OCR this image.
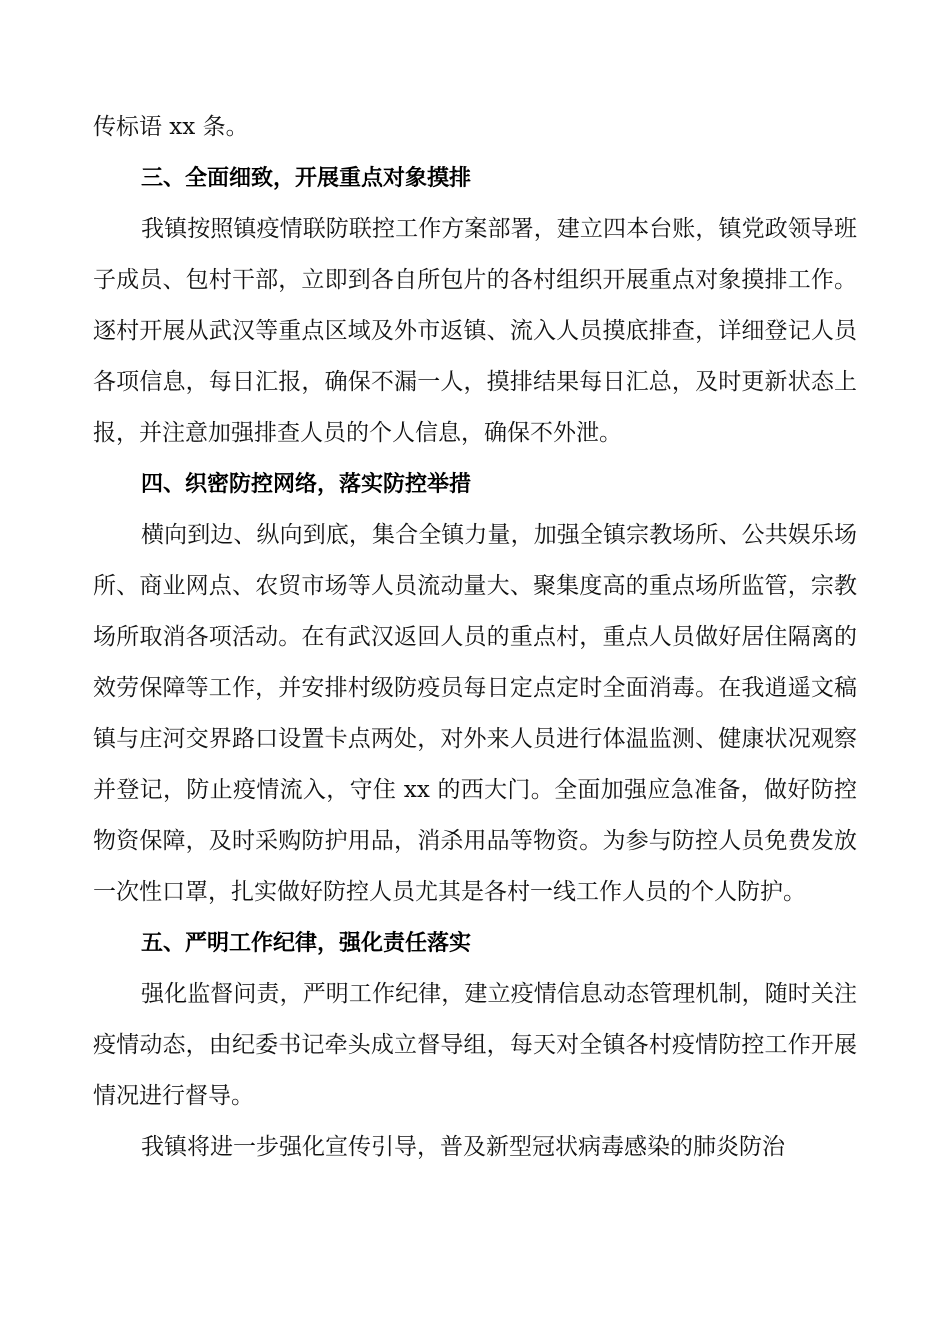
传标语 xx 条。

三、全面细致，开展重点对象摸排

我镇按照镇疫情联防联控工作方案部署，建立四本台账，镇党政领导班子成员、包村干部，立即到各自所包片的各村组织开展重点对象摸排工作。逐村开展从武汉等重点区域及外市返镇、流入人员摸底排查，详细登记人员各项信息，每日汇报，确保不漏一人，摸排结果每日汇总，及时更新状态上报，并注意加强排查人员的个人信息，确保不外泄。

四、织密防控网络，落实防控举措

横向到边、纵向到底，集合全镇力量，加强全镇宗教场所、公共娱乐场所、商业网点、农贸市场等人员流动量大、聚集度高的重点场所监管，宗教场所取消各项活动。在有武汉返回人员的重点村，重点人员做好居住隔离的效劳保障等工作，并安排村级防疫员每日定点定时全面消毒。在我逍遥文稿镇与庄河交界路口设置卡点两处，对外来人员进行体温监测、健康状况观察并登记，防止疫情流入，守住 xx 的西大门。全面加强应急准备，做好防控物资保障，及时采购防护用品，消杀用品等物资。为参与防控人员免费发放一次性口罩，扎实做好防控人员尤其是各村一线工作人员的个人防护。

五、严明工作纪律，强化责任落实

强化监督问责，严明工作纪律，建立疫情信息动态管理机制，随时关注疫情动态，由纪委书记牵头成立督导组，每天对全镇各村疫情防控工作开展情况进行督导。

我镇将进一步强化宣传引导，普及新型冠状病毒感染的肺炎防治
